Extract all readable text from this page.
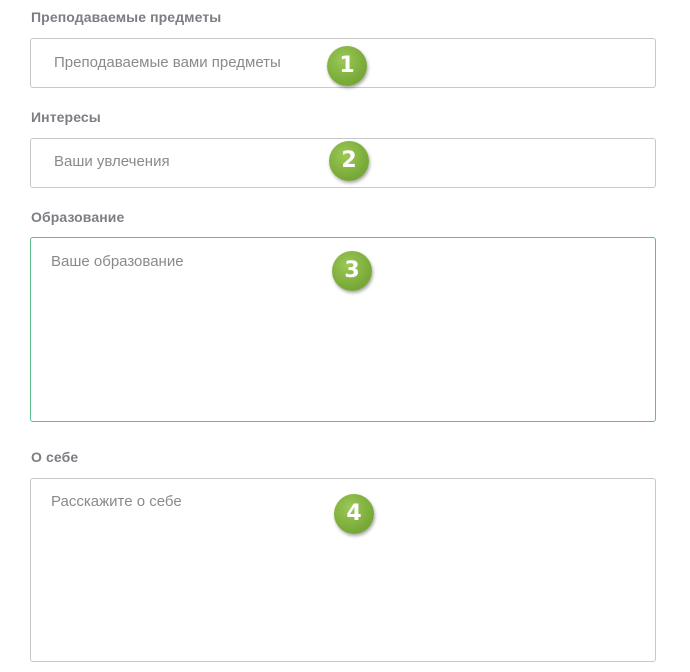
Преподаваемые предметы
Преподаваемые вами предметы	1
Интересы
Ваши увлечения	2
Образование
Ваше образование	3
О себе
Расскажите о себе	4
